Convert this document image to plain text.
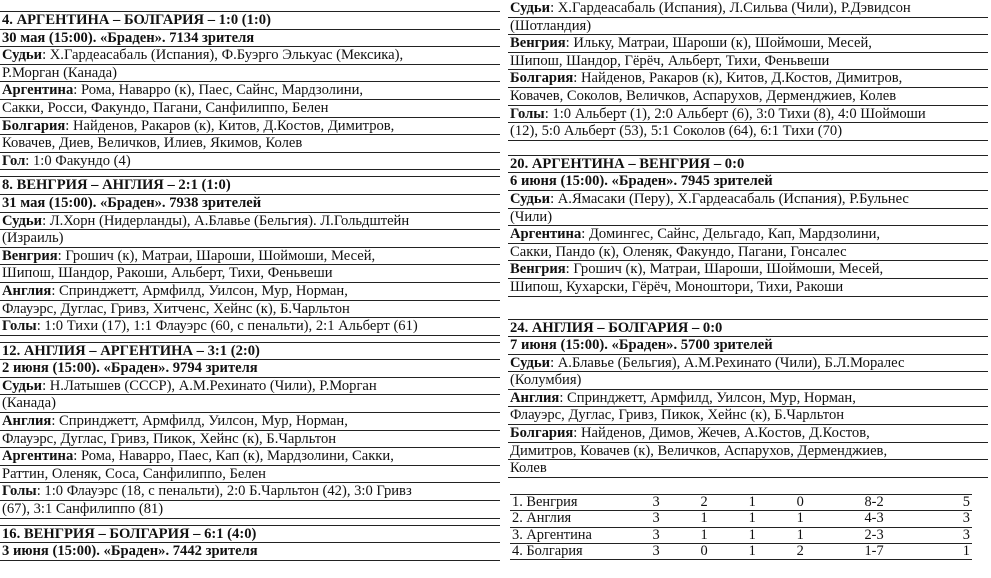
4. АРГЕНТИНА – БОЛГАРИЯ – 1:0 (1:0)
30 мая (15:00). «Браден». 7134 зрителя
Судьи: Х.Гардеасабаль (Испания), Ф.Буэрго Элькуас (Мексика),
Р.Морган (Канада)
Аргентина: Рома, Наварро (к), Паес, Сайнс, Мардзолини,
Сакки, Росси, Факундо, Пагани, Санфилиппо, Белен
Болгария: Найденов, Ракаров (к), Китов, Д.Костов, Димитров,
Ковачев, Диев, Величков, Илиев, Якимов, Колев
Гол: 1:0 Факундо (4)
8. ВЕНГРИЯ – АНГЛИЯ – 2:1 (1:0)
31 мая (15:00). «Браден». 7938 зрителей
Судьи: Л.Хорн (Нидерланды), А.Блавье (Бельгия). Л.Гольдштейн
(Израиль)
Венгрия: Грошич (к), Матраи, Шароши, Шоймоши, Месей,
Шипош, Шандор, Ракоши, Альберт, Тихи, Феньвеши
Англия: Спринджетт, Армфилд, Уилсон, Мур, Норман,
Флауэрс, Дуглас, Гривз, Хитченс, Хейнс (к), Б.Чарльтон
Голы: 1:0 Тихи (17), 1:1 Флауэрс (60, с пенальти), 2:1 Альберт (61)
12. АНГЛИЯ – АРГЕНТИНА – 3:1 (2:0)
2 июня (15:00). «Браден». 9794 зрителя
Судьи: Н.Латышев (СССР), А.М.Рехинато (Чили), Р.Морган
(Канада)
Англия: Спринджетт, Армфилд, Уилсон, Мур, Норман,
Флауэрс, Дуглас, Гривз, Пикок, Хейнс (к), Б.Чарльтон
Аргентина: Рома, Наварро, Паес, Кап (к), Мардзолини, Сакки,
Раттин, Оленяк, Соса, Санфилиппо, Белен
Голы: 1:0 Флауэрс (18, с пенальти), 2:0 Б.Чарльтон (42), 3:0 Гривз
(67), 3:1 Санфилиппо (81)
16. ВЕНГРИЯ – БОЛГАРИЯ – 6:1 (4:0)
3 июня (15:00). «Браден». 7442 зрителя
Судьи: Х.Гардеасабаль (Испания), Л.Сильва (Чили), Р.Дэвидсон
(Шотландия)
Венгрия: Ильку, Матраи, Шароши (к), Шоймоши, Месей,
Шипош, Шандор, Гёрёч, Альберт, Тихи, Феньвеши
Болгария: Найденов, Ракаров (к), Китов, Д.Костов, Димитров,
Ковачев, Соколов, Величков, Аспарухов, Дерменджиев, Колев
Голы: 1:0 Альберт (1), 2:0 Альберт (6), 3:0 Тихи (8), 4:0 Шоймоши
(12), 5:0 Альберт (53), 5:1 Соколов (64), 6:1 Тихи (70)
20. АРГЕНТИНА – ВЕНГРИЯ – 0:0
6 июня (15:00). «Браден». 7945 зрителей
Судьи: А.Ямасаки (Перу), Х.Гардеасабаль (Испания), Р.Бульнес
(Чили)
Аргентина: Домингес, Сайнс, Дельгадо, Кап, Мардзолини,
Сакки, Пандо (к), Оленяк, Факундо, Пагани, Гонсалес
Венгрия: Грошич (к), Матраи, Шароши, Шоймоши, Месей,
Шипош, Кухарски, Гёрёч, Моноштори, Тихи, Ракоши
24. АНГЛИЯ – БОЛГАРИЯ – 0:0
7 июня (15:00). «Браден». 5700 зрителей
Судьи: А.Блавье (Бельгия), А.М.Рехинато (Чили), Б.Л.Моралес
(Колумбия)
Англия: Спринджетт, Армфилд, Уилсон, Мур, Норман,
Флауэрс, Дуглас, Гривз, Пикок, Хейнс (к), Б.Чарльтон
Болгария: Найденов, Димов, Жечев, А.Костов, Д.Костов,
Димитров, Ковачев (к), Величков, Аспарухов, Дерменджиев,
Колев
1. Венгрия	3	2	1	0	8-2	5
2. Англия	3	1	1	1	4-3	3
3. Аргентина	3	1	1	1	2-3	3
4. Болгария	3	0	1	2	1-7	1
